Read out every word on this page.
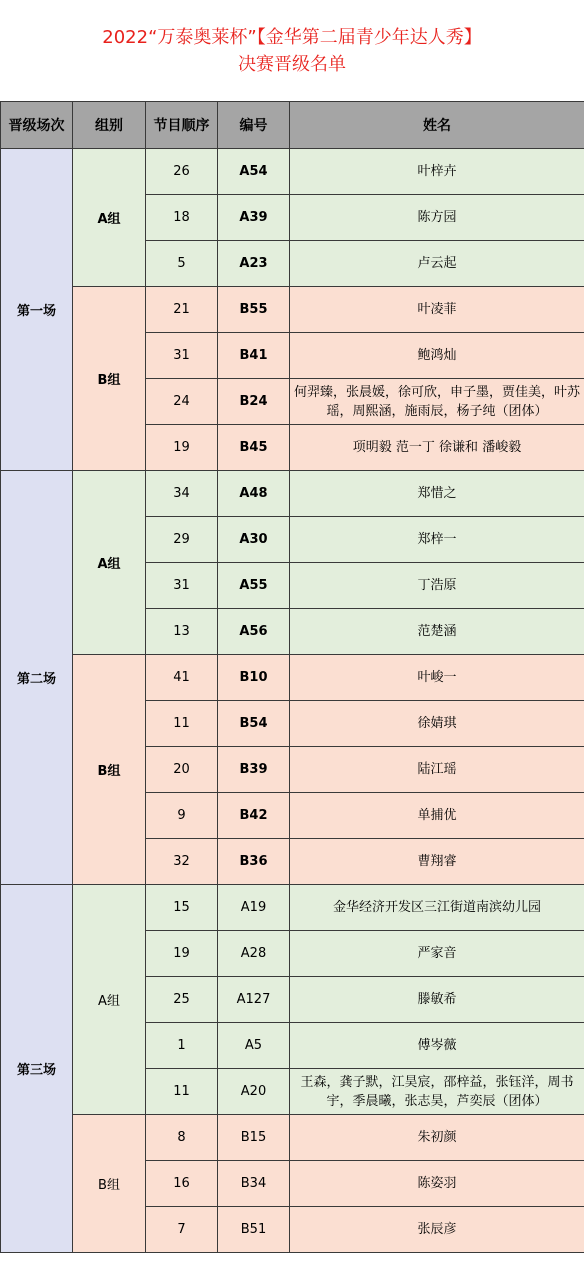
2022“万泰奥莱杯”【金华第二届青少年达人秀】
决赛晋级名单
晋级场次	组别	节目顺序	编号	姓名
第一场	A组	26	A54	叶梓卉
		18	A39	陈方园
		5	A23	卢云起
	B组	21	B55	叶凌菲
		31	B41	鲍鸿灿
		24	B24	何羿臻，张晨媛，徐可欣，申子墨，贾佳美，叶苏瑶，周熙涵，施雨辰，杨子纯（团体）
		19	B45	项明毅 范一丁 徐谦和 潘峻毅
第二场	A组	34	A48	郑惜之
		29	A30	郑梓一
		31	A55	丁浩原
		13	A56	范楚涵
	B组	41	B10	叶峻一
		11	B54	徐婧琪
		20	B39	陆江瑶
		9	B42	单捕优
		32	B36	曹翔睿
第三场	A组	15	A19	金华经济开发区三江街道南滨幼儿园
		19	A28	严家音
		25	A127	滕敏希
		1	A5	傅岑薇
		11	A20	王森，龚子默，江昊宸，邵梓益，张钰洋，周书宇，季晨曦，张志昊，芦奕辰（团体）
	B组	8	B15	朱初颜
		16	B34	陈姿羽
		7	B51	张辰彦
